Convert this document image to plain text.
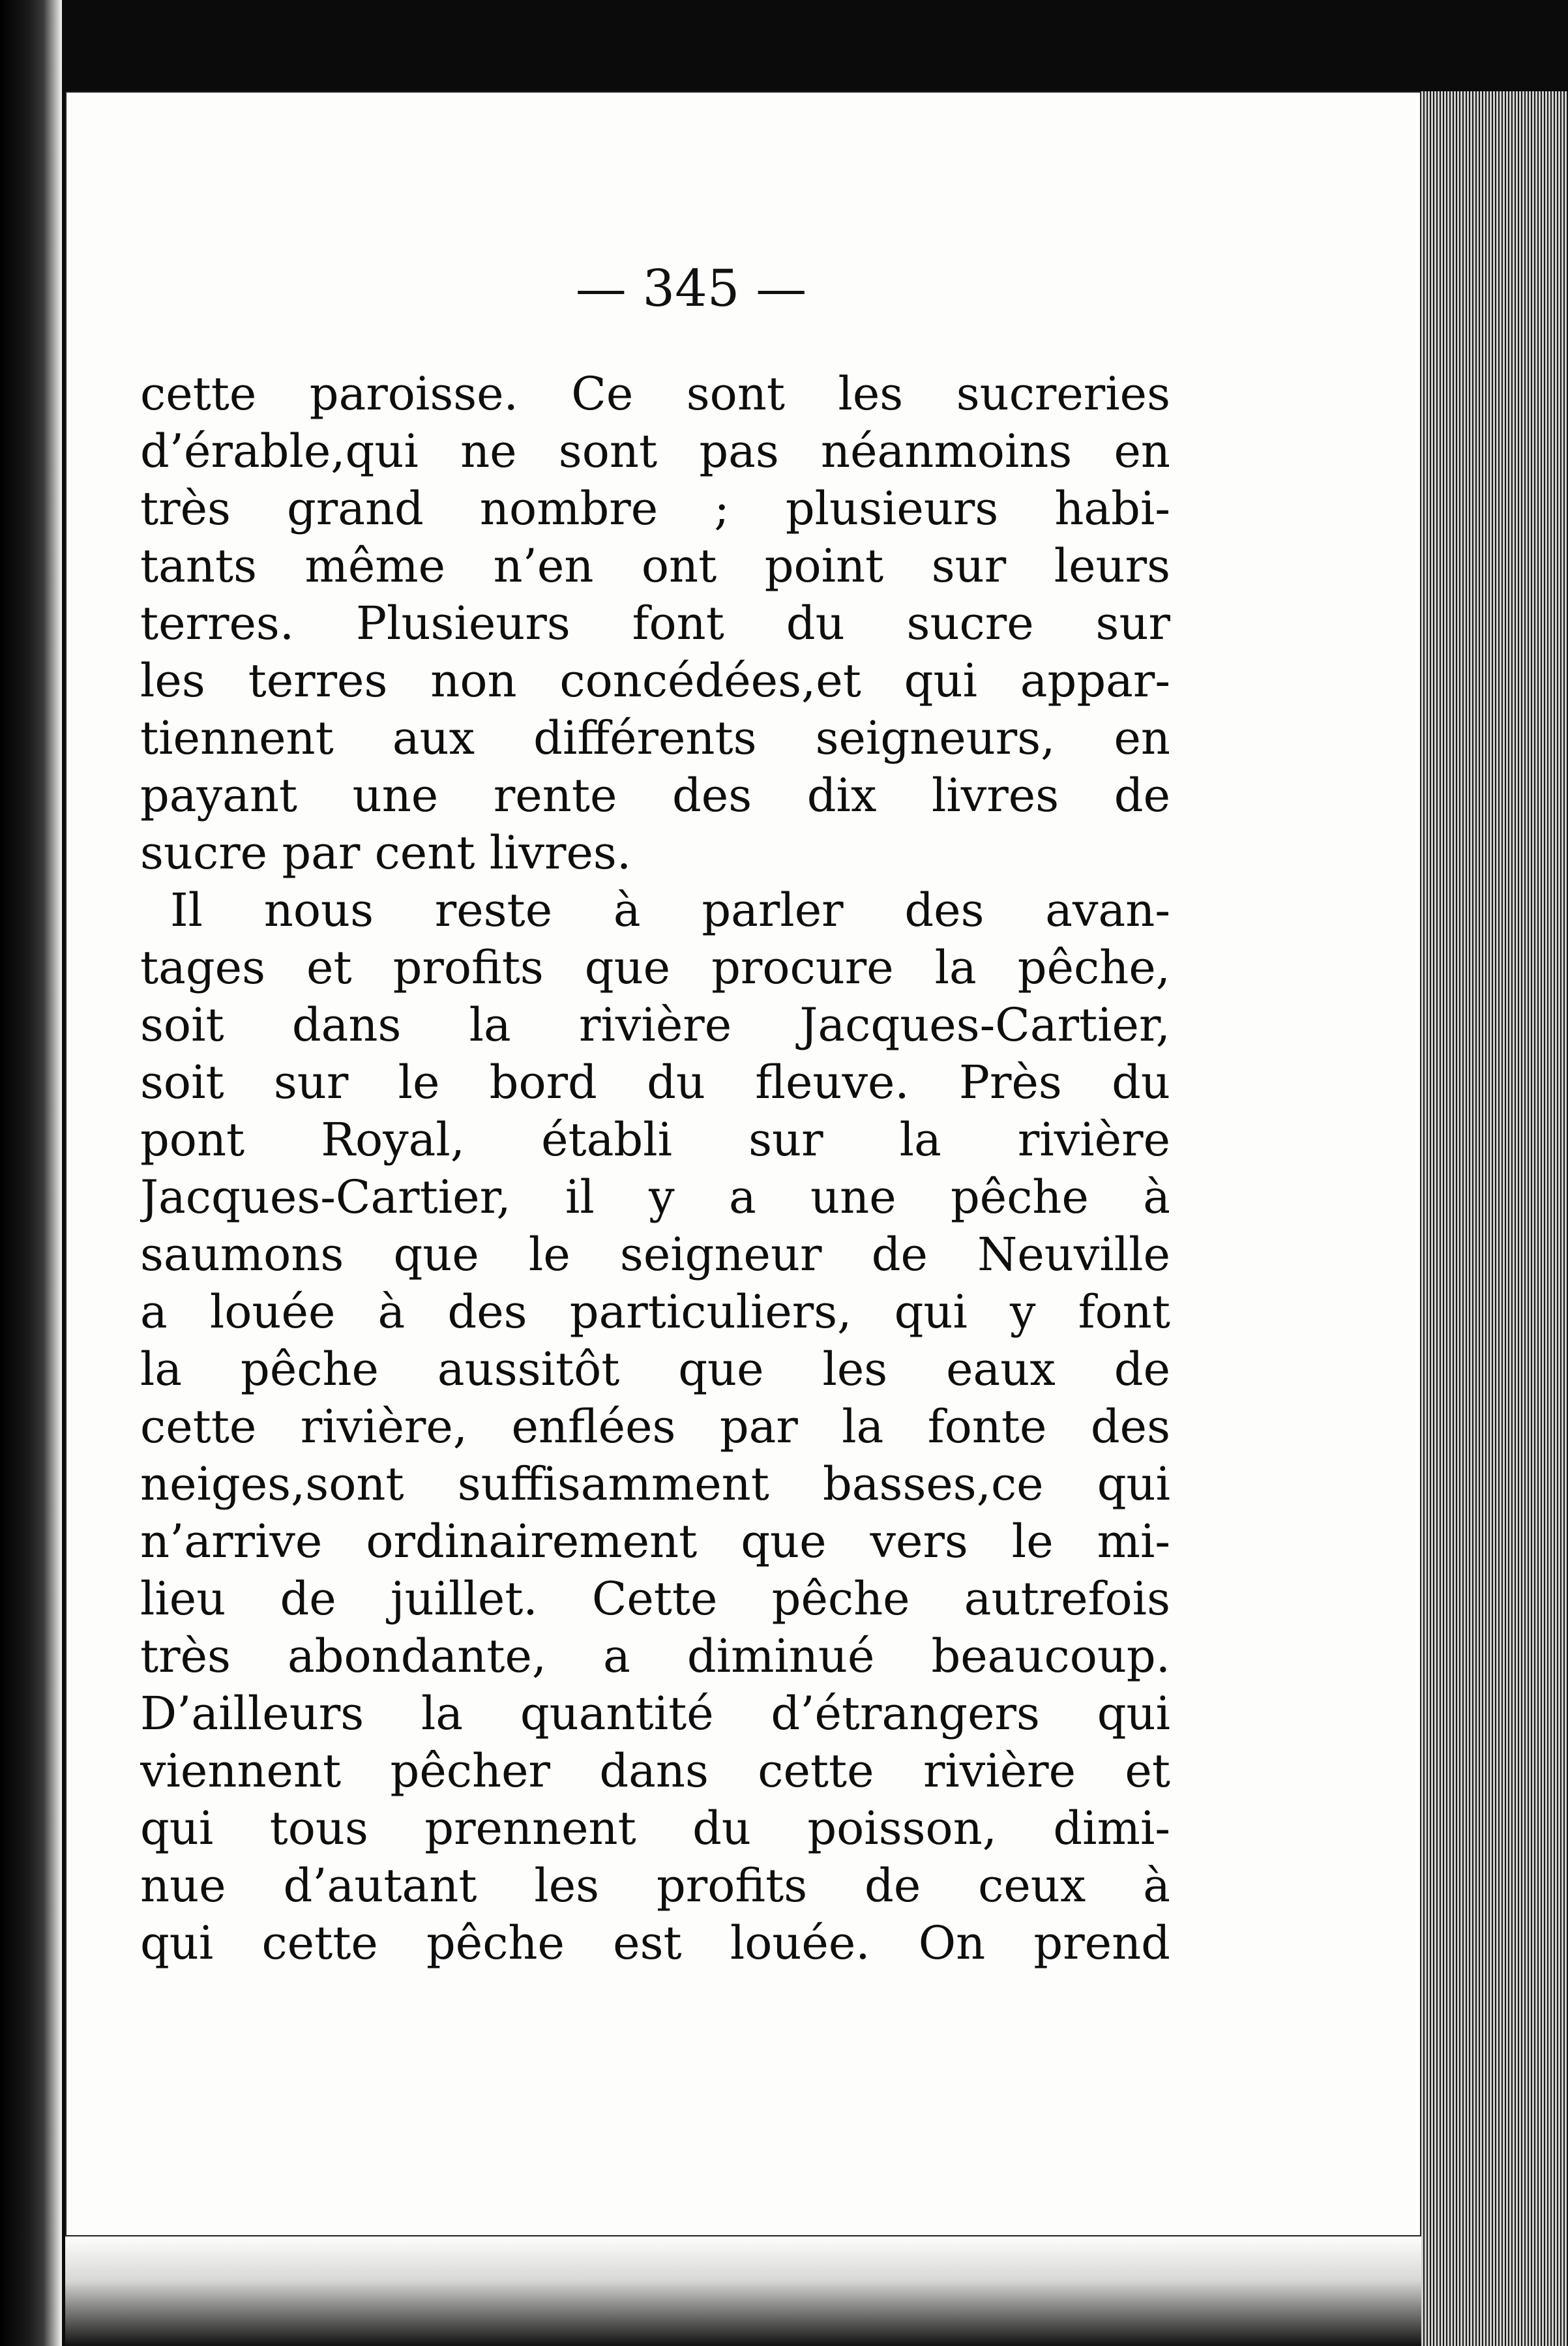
— 345 —
cette paroisse. Ce sont les sucreries
d’érable,qui ne sont pas néanmoins en
très grand nombre ; plusieurs habi-
tants même n’en ont point sur leurs
terres. Plusieurs font du sucre sur
les terres non concédées,et qui appar-
tiennent aux différents seigneurs, en
payant une rente des dix livres de
sucre par cent livres.
Il nous reste à parler des avan-
tages et profits que procure la pêche,
soit dans la rivière Jacques-Cartier,
soit sur le bord du fleuve. Près du
pont Royal, établi sur la rivière
Jacques-Cartier, il y a une pêche à
saumons que le seigneur de Neuville
a louée à des particuliers, qui y font
la pêche aussitôt que les eaux de
cette rivière, enflées par la fonte des
neiges,sont suffisamment basses,ce qui
n’arrive ordinairement que vers le mi-
lieu de juillet. Cette pêche autrefois
très abondante, a diminué beaucoup.
D’ailleurs la quantité d’étrangers qui
viennent pêcher dans cette rivière et
qui tous prennent du poisson, dimi-
nue d’autant les profits de ceux à
qui cette pêche est louée. On prend
